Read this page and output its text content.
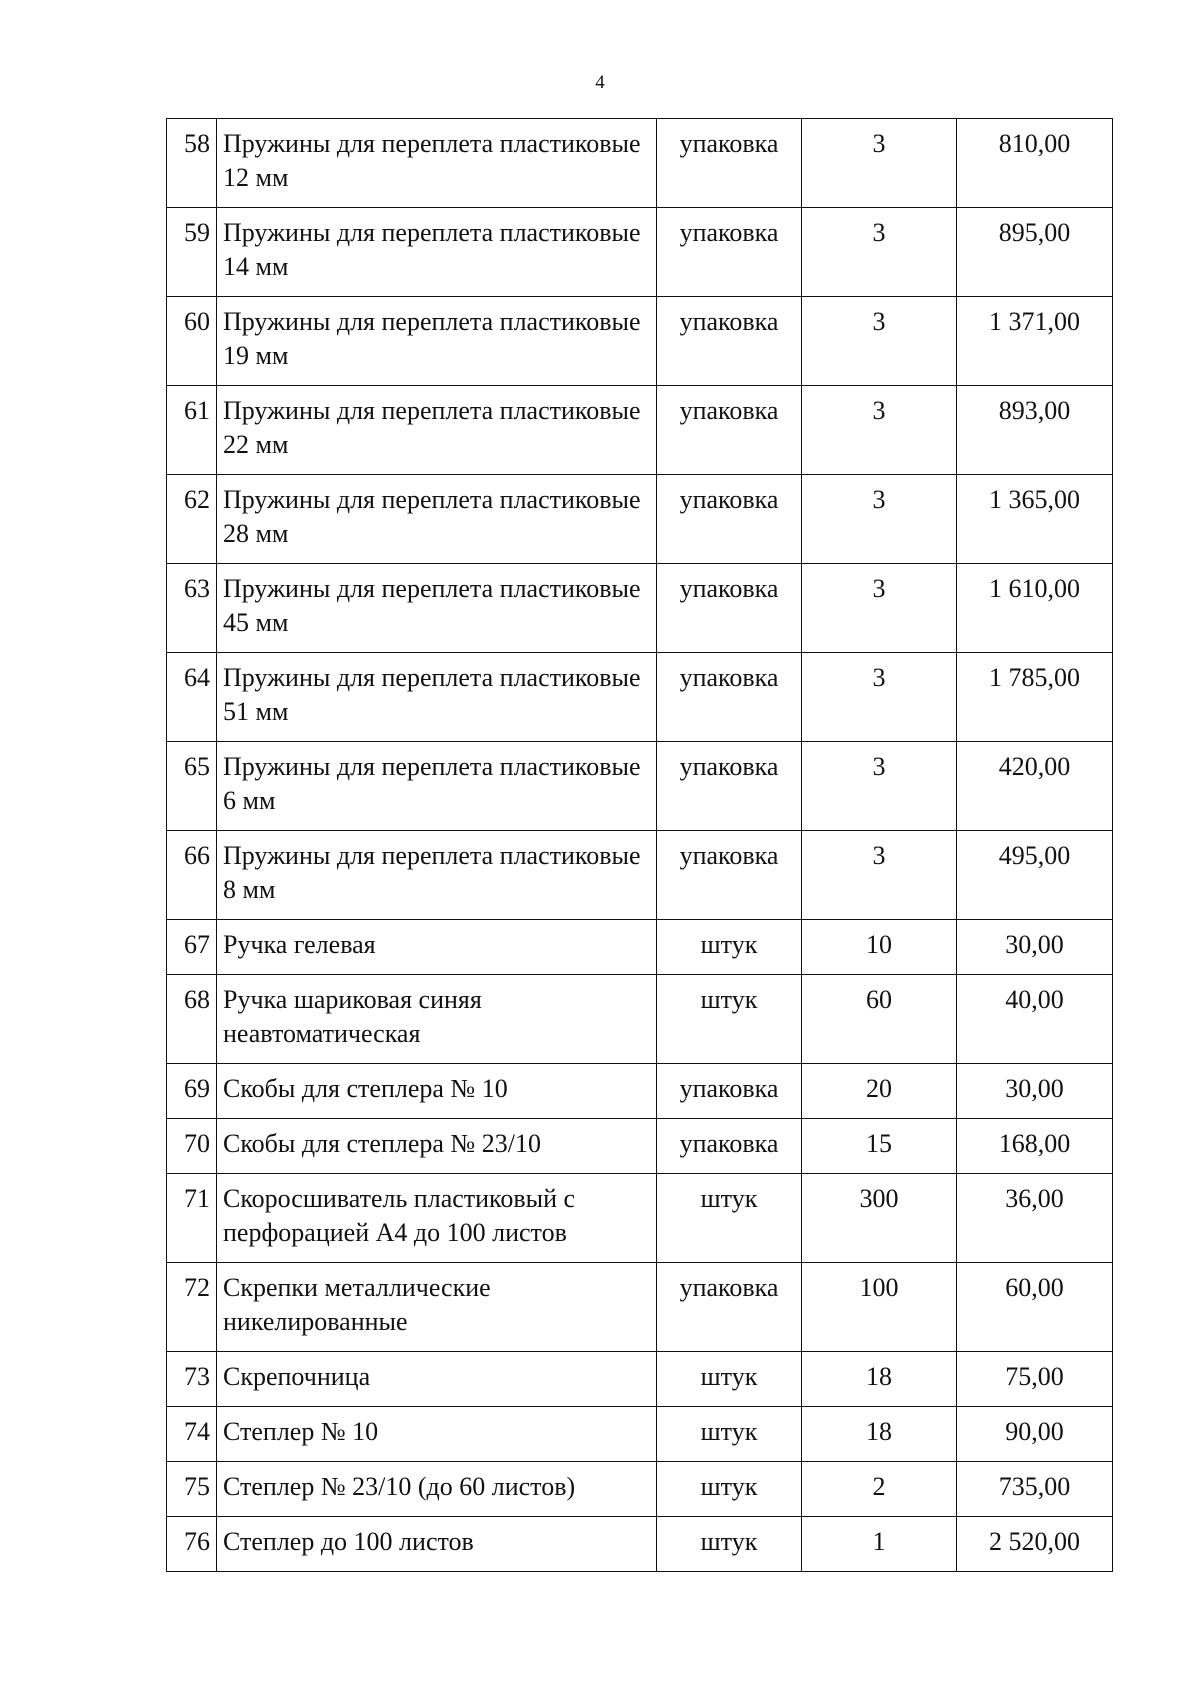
4
58	Пружины для переплета пластиковые 12 мм	упаковка	3	810,00
59	Пружины для переплета пластиковые 14 мм	упаковка	3	895,00
60	Пружины для переплета пластиковые 19 мм	упаковка	3	1 371,00
61	Пружины для переплета пластиковые 22 мм	упаковка	3	893,00
62	Пружины для переплета пластиковые 28 мм	упаковка	3	1 365,00
63	Пружины для переплета пластиковые 45 мм	упаковка	3	1 610,00
64	Пружины для переплета пластиковые 51 мм	упаковка	3	1 785,00
65	Пружины для переплета пластиковые 6 мм	упаковка	3	420,00
66	Пружины для переплета пластиковые 8 мм	упаковка	3	495,00
67	Ручка гелевая	штук	10	30,00
68	Ручка шариковая синяя неавтоматическая	штук	60	40,00
69	Скобы для степлера № 10	упаковка	20	30,00
70	Скобы для степлера № 23/10	упаковка	15	168,00
71	Скоросшиватель пластиковый с перфорацией А4 до 100 листов	штук	300	36,00
72	Скрепки металлические никелированные	упаковка	100	60,00
73	Скрепочница	штук	18	75,00
74	Степлер № 10	штук	18	90,00
75	Степлер № 23/10 (до 60 листов)	штук	2	735,00
76	Степлер до 100 листов	штук	1	2 520,00
